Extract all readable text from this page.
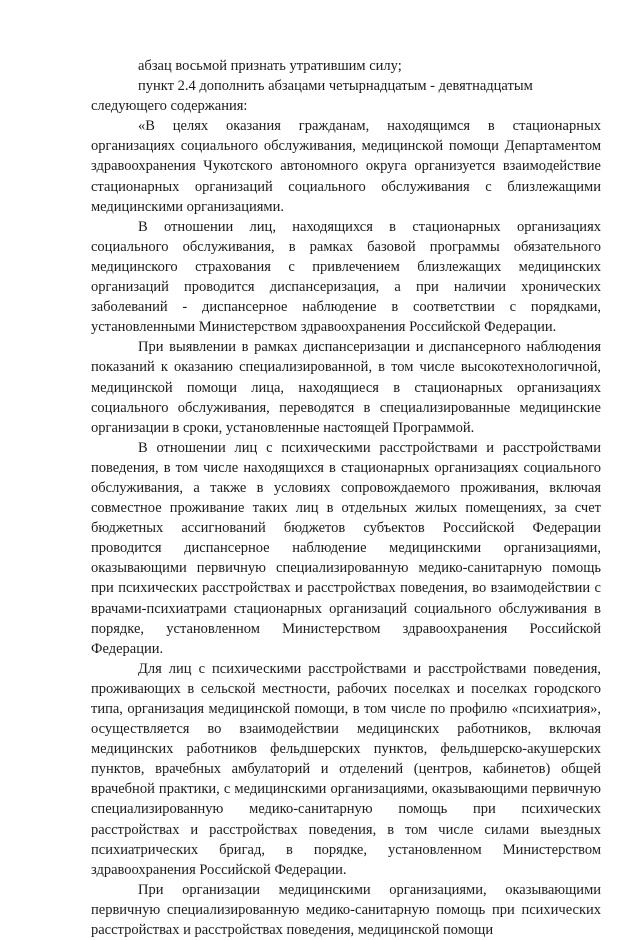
абзац восьмой признать утратившим силу;

пункт 2.4 дополнить абзацами четырнадцатым - девятнадцатым следующего содержания:

«В целях оказания гражданам, находящимся в стационарных организациях социального обслуживания, медицинской помощи Департаментом здравоохранения Чукотского автономного округа организуется взаимодействие стационарных организаций социального обслуживания с близлежащими медицинскими организациями.

В отношении лиц, находящихся в стационарных организациях социального обслуживания, в рамках базовой программы обязательного медицинского страхования с привлечением близлежащих медицинских организаций проводится диспансеризация, а при наличии хронических заболеваний - диспансерное наблюдение в соответствии с порядками, установленными Министерством здравоохранения Российской Федерации.

При выявлении в рамках диспансеризации и диспансерного наблюдения показаний к оказанию специализированной, в том числе высокотехнологичной, медицинской помощи лица, находящиеся в стационарных организациях социального обслуживания, переводятся в специализированные медицинские организации в сроки, установленные настоящей Программой.

В отношении лиц с психическими расстройствами и расстройствами поведения, в том числе находящихся в стационарных организациях социального обслуживания, а также в условиях сопровождаемого проживания, включая совместное проживание таких лиц в отдельных жилых помещениях, за счет бюджетных ассигнований бюджетов субъектов Российской Федерации проводится диспансерное наблюдение медицинскими организациями, оказывающими первичную специализированную медико-санитарную помощь при психических расстройствах и расстройствах поведения, во взаимодействии с врачами-психиатрами стационарных организаций социального обслуживания в порядке, установленном Министерством здравоохранения Российской Федерации.

Для лиц с психическими расстройствами и расстройствами поведения, проживающих в сельской местности, рабочих поселках и поселках городского типа, организация медицинской помощи, в том числе по профилю «психиатрия», осуществляется во взаимодействии медицинских работников, включая медицинских работников фельдшерских пунктов, фельдшерско-акушерских пунктов, врачебных амбулаторий и отделений (центров, кабинетов) общей врачебной практики, с медицинскими организациями, оказывающими первичную специализированную медико-санитарную помощь при психических расстройствах и расстройствах поведения, в том числе силами выездных психиатрических бригад, в порядке, установленном Министерством здравоохранения Российской Федерации.

При организации медицинскими организациями, оказывающими первичную специализированную медико-санитарную помощь при психических расстройствах и расстройствах поведения, медицинской помощи
